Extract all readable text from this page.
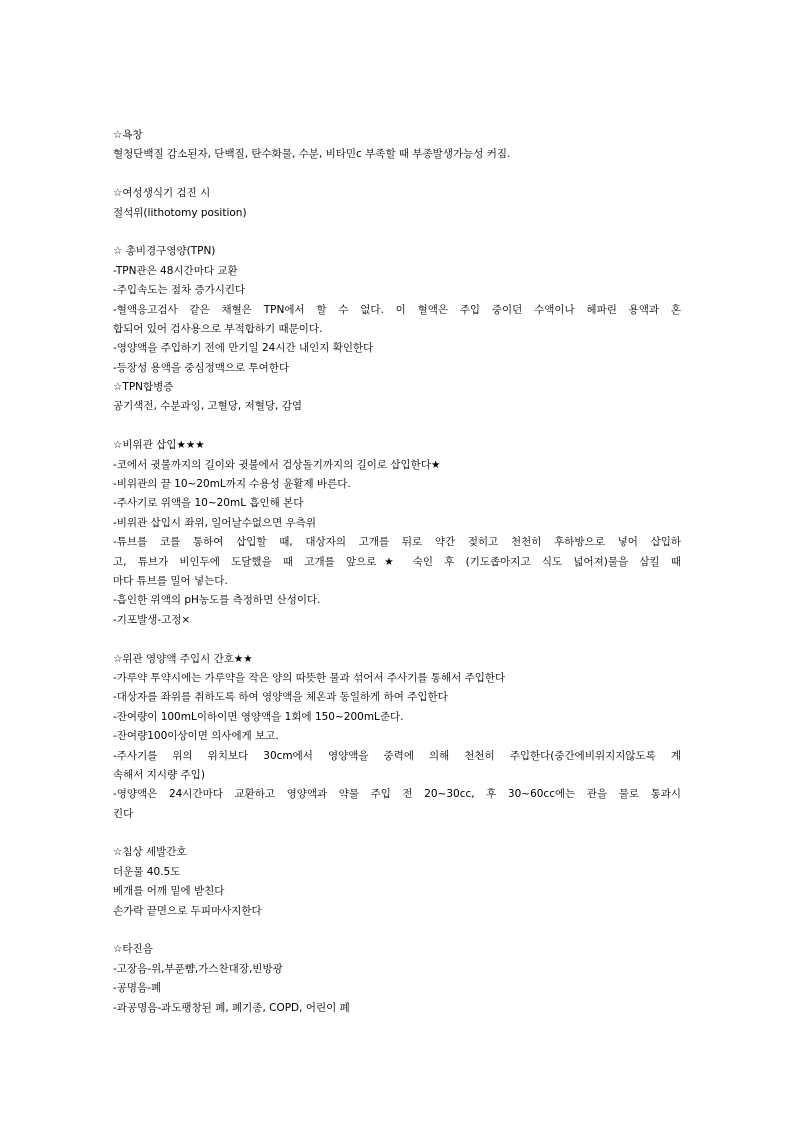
☆욕창
혈청단백질 감소된자, 단백질, 탄수화물, 수분, 비타민c 부족할 때 부종발생가능성 커짐.
☆여성생식기 검진 시
절석위(lithotomy position)
☆ 총비경구영양(TPN)
-TPN관은 48시간마다 교환
-주입속도는 점차 증가시킨다
-혈액응고검사 같은 채혈은 TPN에서 할 수 없다. 이 혈액은 주입 중이던 수액이나 헤파린 용액과 혼
합되어 있어 검사용으로 부적합하기 때문이다.
-영양액을 주입하기 전에 만기일 24시간 내인지 확인한다
-등장성 용액을 중심정맥으로 투여한다
☆TPN합병증
공기색전, 수분과잉, 고혈당, 저혈당, 감염
☆비위관 삽입★★★
-코에서 귓불까지의 길이와 귓불에서 검상돌기까지의 길이로 삽입한다★
-비위관의 끝 10~20mL까지 수용성 윤활제 바른다.
-주사기로 위액을 10~20mL 흡인해 본다
-비위관 삽입시 좌위, 일어날수없으면 우측위
-튜브를 코를 통하여 삽입할 때, 대상자의 고개를 뒤로 약간 젖히고 천천히 후하방으로 넣어 삽입하
고, 튜브가 비인두에 도달했을 때 고개를 앞으로★ 숙인 후 (기도좁아지고 식도 넓어져)물을 삼킬 때
마다 튜브를 밀어 넣는다.
-흡인한 위액의 pH농도를 측정하면 산성이다.
-기포발생-고정×
☆위관 영양액 주입시 간호★★
-가루약 투약시에는 가루약을 작은 양의 따뜻한 물과 섞어서 주사기를 통해서 주입한다
-대상자를 좌위를 취하도록 하여 영양액을 체온과 동일하게 하여 주입한다
-잔여량이 100mL이하이면 영양액을 1회에 150~200mL준다.
-잔여량100이상이면 의사에게 보고.
-주사기를 위의 위치보다 30cm에서 영양액을 중력에 의해 천천히 주입한다(중간에비위지지않도록 계
속해서 지시량 주입)
-영양액은 24시간마다 교환하고 영양액과 약물 주입 전 20~30cc, 후 30~60cc에는 관을 물로 통과시
킨다
☆침상 세발간호
더운물 40.5도
베개를 어깨 밑에 받친다
손가락 끝면으로 두피마사지한다
☆타진음
-고장음-위,부푼뺨,가스찬대장,빈방광
-공명음-폐
-과공명음-과도팽창된 폐, 폐기종, COPD, 어린이 폐
